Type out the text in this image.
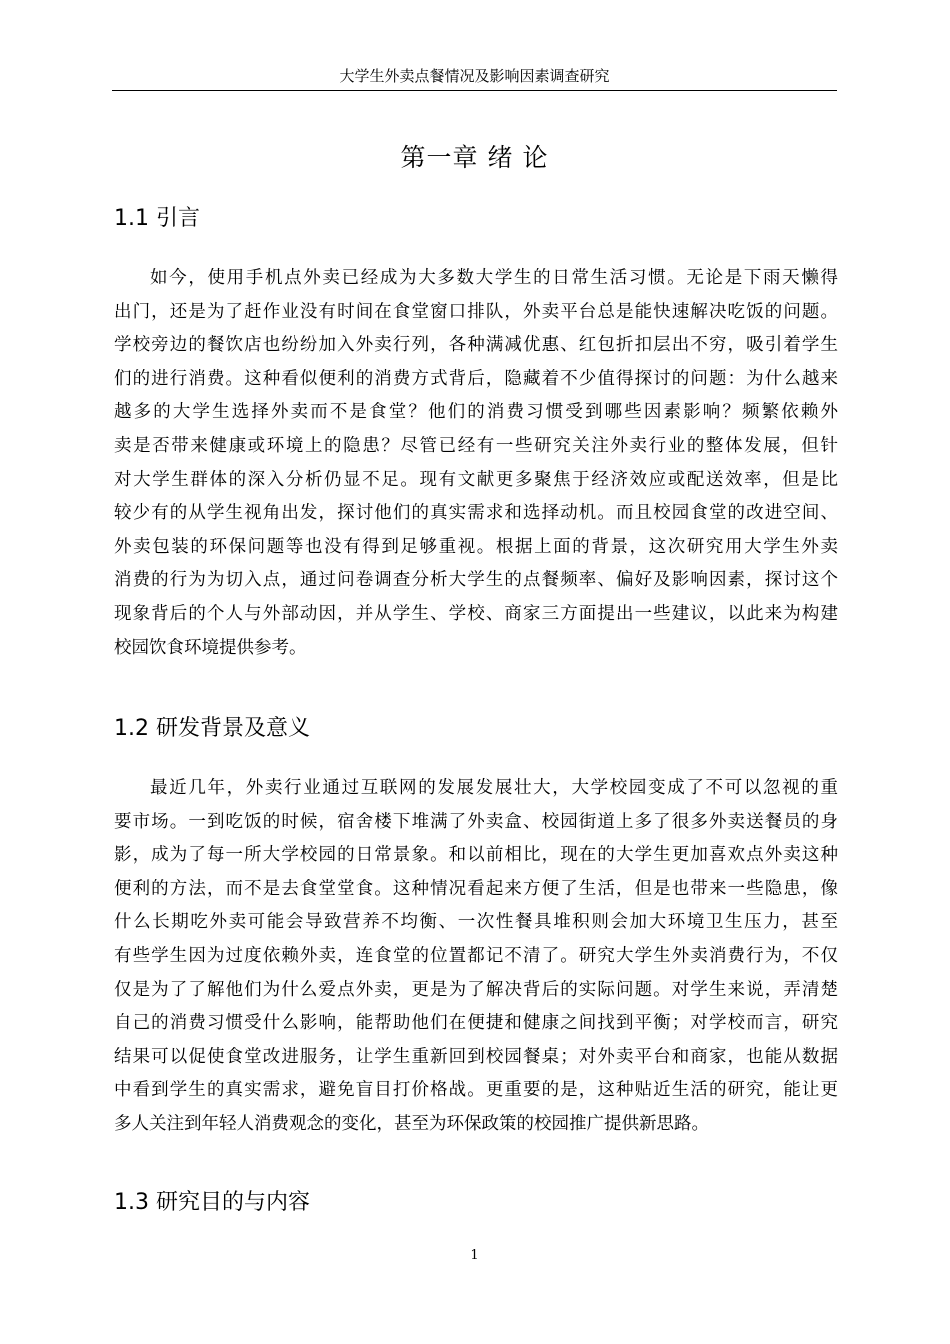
大学生外卖点餐情况及影响因素调查研究
第一章 绪 论
1.1 引言
如今，使用手机点外卖已经成为大多数大学生的日常生活习惯。无论是下雨天懒得
出门，还是为了赶作业没有时间在食堂窗口排队，外卖平台总是能快速解决吃饭的问题。
学校旁边的餐饮店也纷纷加入外卖行列，各种满减优惠、红包折扣层出不穷，吸引着学生
们的进行消费。这种看似便利的消费方式背后，隐藏着不少值得探讨的问题：为什么越来
越多的大学生选择外卖而不是食堂？他们的消费习惯受到哪些因素影响？频繁依赖外
卖是否带来健康或环境上的隐患？尽管已经有一些研究关注外卖行业的整体发展，但针
对大学生群体的深入分析仍显不足。现有文献更多聚焦于经济效应或配送效率，但是比
较少有的从学生视角出发，探讨他们的真实需求和选择动机。而且校园食堂的改进空间、
外卖包装的环保问题等也没有得到足够重视。根据上面的背景，这次研究用大学生外卖
消费的行为为切入点，通过问卷调查分析大学生的点餐频率、偏好及影响因素，探讨这个
现象背后的个人与外部动因，并从学生、学校、商家三方面提出一些建议，以此来为构建
校园饮食环境提供参考。
1.2 研发背景及意义
最近几年，外卖行业通过互联网的发展发展壮大，大学校园变成了不可以忽视的重
要市场。一到吃饭的时候，宿舍楼下堆满了外卖盒、校园街道上多了很多外卖送餐员的身
影，成为了每一所大学校园的日常景象。和以前相比，现在的大学生更加喜欢点外卖这种
便利的方法，而不是去食堂堂食。这种情况看起来方便了生活，但是也带来一些隐患，像
什么长期吃外卖可能会导致营养不均衡、一次性餐具堆积则会加大环境卫生压力，甚至
有些学生因为过度依赖外卖，连食堂的位置都记不清了。研究大学生外卖消费行为，不仅
仅是为了了解他们为什么爱点外卖，更是为了解决背后的实际问题。对学生来说，弄清楚
自己的消费习惯受什么影响，能帮助他们在便捷和健康之间找到平衡；对学校而言，研究
结果可以促使食堂改进服务，让学生重新回到校园餐桌；对外卖平台和商家，也能从数据
中看到学生的真实需求，避免盲目打价格战。更重要的是，这种贴近生活的研究，能让更
多人关注到年轻人消费观念的变化，甚至为环保政策的校园推广提供新思路。
1.3 研究目的与内容
1
